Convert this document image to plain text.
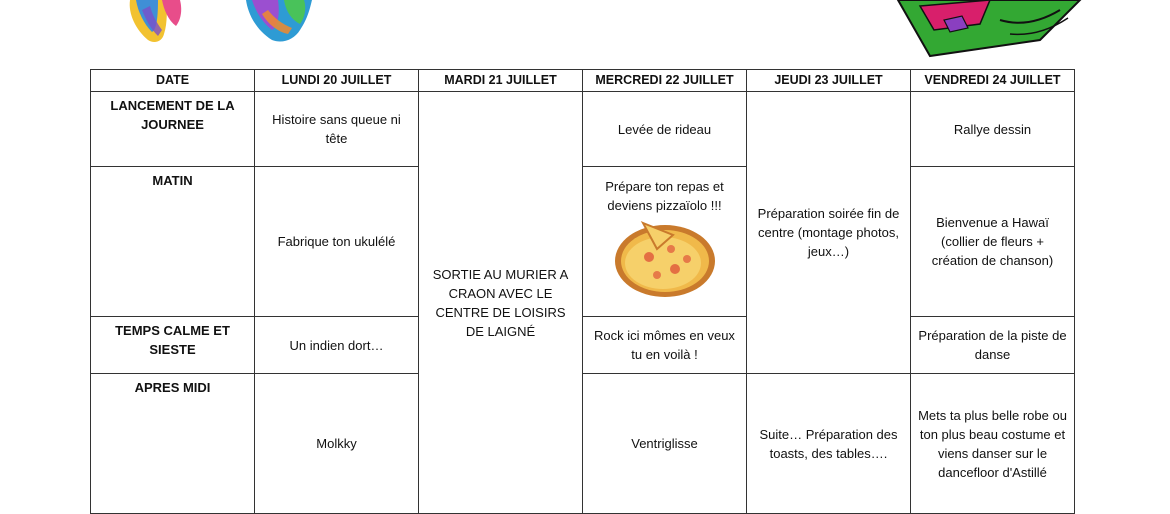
DATE	LUNDI 20 JUILLET	MARDI 21 JUILLET	MERCREDI 22 JUILLET	JEUDI 23 JUILLET	VENDREDI 24 JUILLET
LANCEMENT DE LA JOURNEE	Histoire sans queue ni tête	SORTIE AU MURIER A CRAON AVEC LE CENTRE DE LOISIRS DE LAIGNÉ	Levée de rideau	Préparation soirée fin de centre (montage photos, jeux…)	Rallye dessin
MATIN	Fabrique ton ukulélé		Prépare ton repas et deviens pizzaïolo !!!		Bienvenue a Hawaï (collier de fleurs + création de chanson)
TEMPS CALME ET SIESTE	Un indien dort…		Rock ici mômes en veux tu en voilà !		Préparation de la piste de danse
APRES MIDI	Molkky		Ventriglisse	Suite… Préparation des toasts, des tables….	Mets ta plus belle robe ou ton plus beau costume et viens danser sur le dancefloor d'Astillé
